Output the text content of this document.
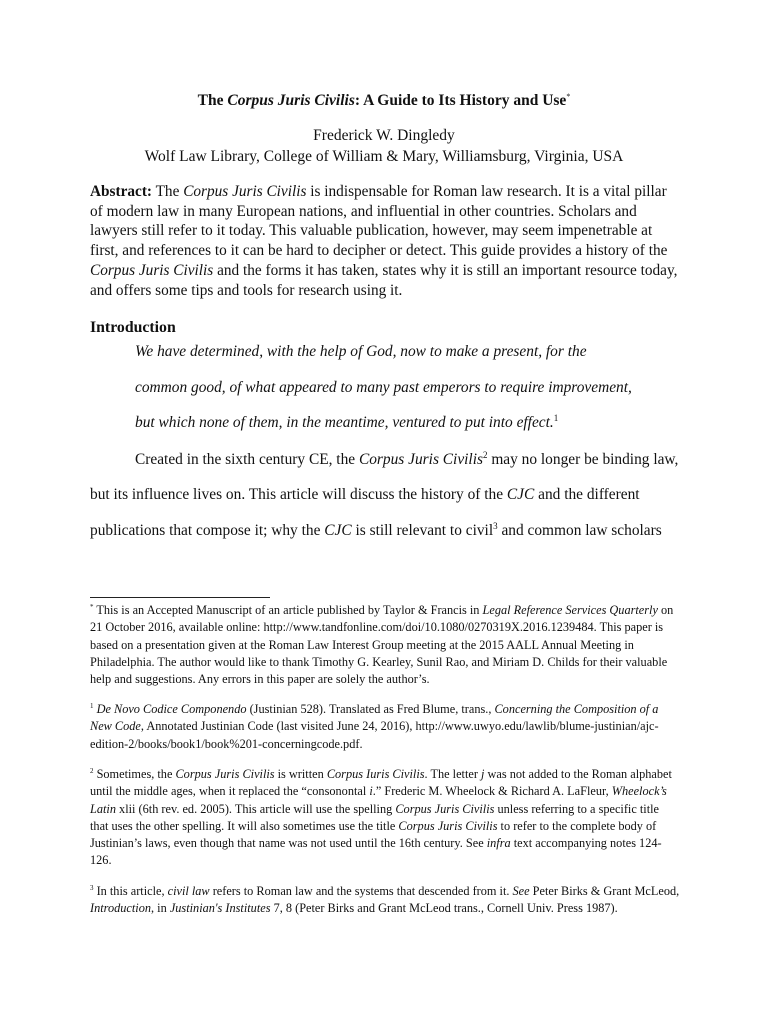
The Corpus Juris Civilis: A Guide to Its History and Use*
Frederick W. Dingledy
Wolf Law Library, College of William & Mary, Williamsburg, Virginia, USA
Abstract: The Corpus Juris Civilis is indispensable for Roman law research. It is a vital pillar of modern law in many European nations, and influential in other countries. Scholars and lawyers still refer to it today. This valuable publication, however, may seem impenetrable at first, and references to it can be hard to decipher or detect. This guide provides a history of the Corpus Juris Civilis and the forms it has taken, states why it is still an important resource today, and offers some tips and tools for research using it.
Introduction
We have determined, with the help of God, now to make a present, for the
common good, of what appeared to many past emperors to require improvement,
but which none of them, in the meantime, ventured to put into effect.$^1$
Created in the sixth century CE, the Corpus Juris Civilis$^2$ may no longer be binding law,
but its influence lives on. This article will discuss the history of the CJC and the different
publications that compose it; why the CJC is still relevant to civil$^3$ and common law scholars
* This is an Accepted Manuscript of an article published by Taylor & Francis in Legal Reference Services Quarterly on 21 October 2016, available online: http://www.tandfonline.com/doi/10.1080/0270319X.2016.1239484. This paper is based on a presentation given at the Roman Law Interest Group meeting at the 2015 AALL Annual Meeting in Philadelphia. The author would like to thank Timothy G. Kearley, Sunil Rao, and Miriam D. Childs for their valuable help and suggestions. Any errors in this paper are solely the author’s.
$^1$ De Novo Codice Componendo (Justinian 528). Translated as Fred Blume, trans., Concerning the Composition of a New Code, Annotated Justinian Code (last visited June 24, 2016), http://www.uwyo.edu/lawlib/blume-justinian/ajc-edition-2/books/book1/book%201-concerningcode.pdf.
$^2$ Sometimes, the Corpus Juris Civilis is written Corpus Iuris Civilis. The letter j was not added to the Roman alphabet until the middle ages, when it replaced the “consonontal i.” Frederic M. Wheelock & Richard A. LaFleur, Wheelock’s Latin xlii (6th rev. ed. 2005). This article will use the spelling Corpus Juris Civilis unless referring to a specific title that uses the other spelling. It will also sometimes use the title Corpus Juris Civilis to refer to the complete body of Justinian’s laws, even though that name was not used until the 16th century. See infra text accompanying notes 124-126.
$^3$ In this article, civil law refers to Roman law and the systems that descended from it. See Peter Birks & Grant McLeod, Introduction, in Justinian's Institutes 7, 8 (Peter Birks and Grant McLeod trans., Cornell Univ. Press 1987).
